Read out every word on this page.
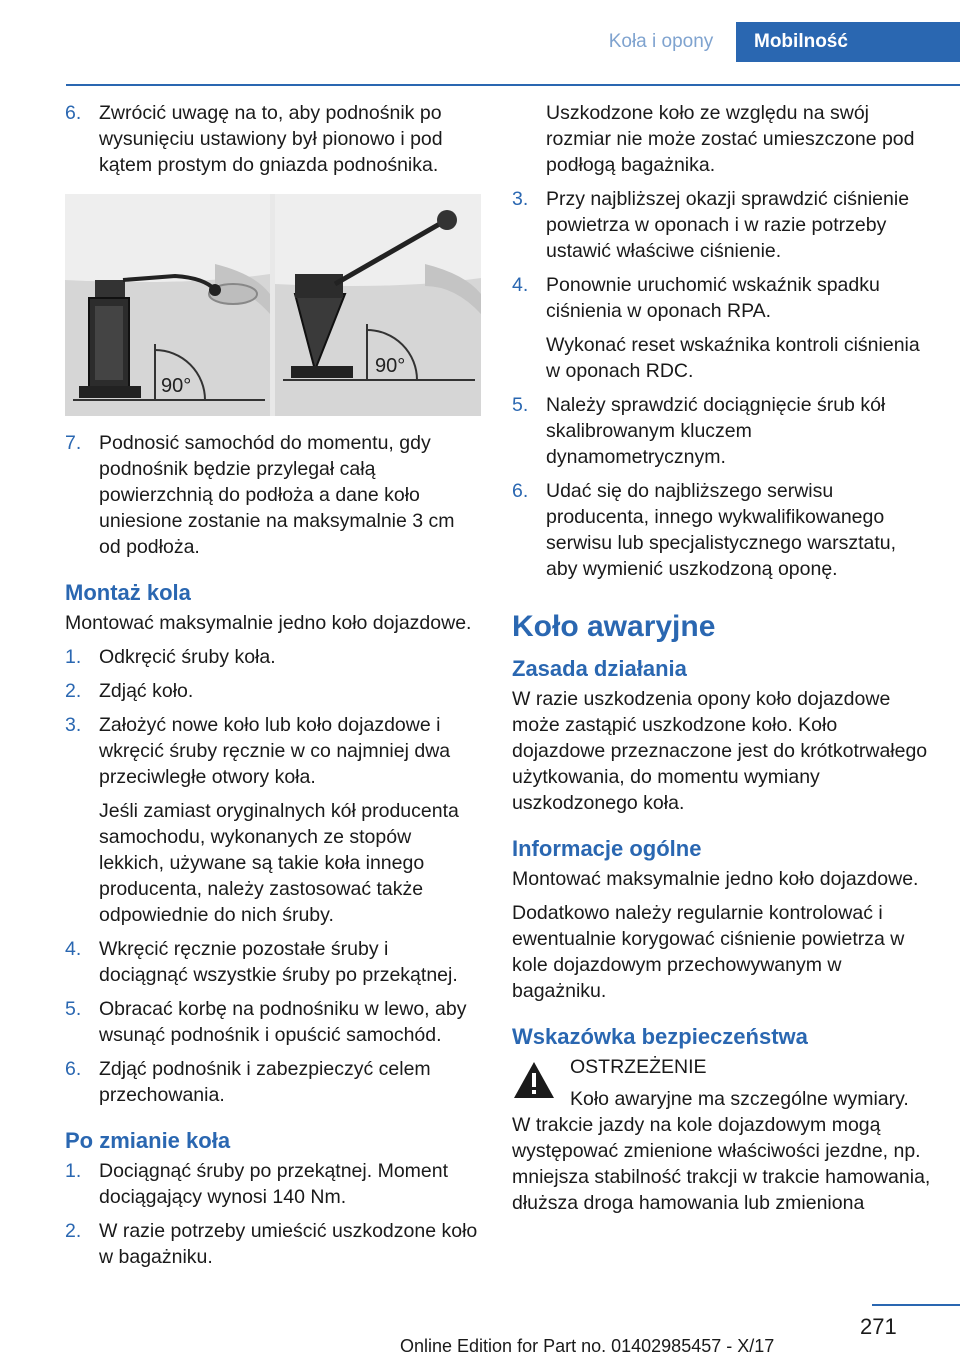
Koła i opony	Mobilność
6. Zwrócić uwagę na to, aby podnośnik po wysunięciu ustawiony był pionowo i pod kątem prostym do gniazda podnośnika.
90°
90°
7. Podnosić samochód do momentu, gdy podnośnik będzie przylegał całą powierzchnią do podłoża a dane koło uniesione zostanie na maksymalnie 3 cm od podłoża.
Montaż kola
Montować maksymalnie jedno koło dojazdowe.
1. Odkręcić śruby koła.
2. Zdjąć koło.
3. Założyć nowe koło lub koło dojazdowe i wkręcić śruby ręcznie w co najmniej dwa przeciwległe otwory koła.
Jeśli zamiast oryginalnych kół producenta samochodu, wykonanych ze stopów lekkich, używane są takie koła innego producenta, należy zastosować także odpowiednie do nich śruby.
4. Wkręcić ręcznie pozostałe śruby i dociągnąć wszystkie śruby po przekątnej.
5. Obracać korbę na podnośniku w lewo, aby wsunąć podnośnik i opuścić samochód.
6. Zdjąć podnośnik i zabezpieczyć celem przechowania.
Po zmianie koła
1. Dociągnąć śruby po przekątnej. Moment dociągający wynosi 140 Nm.
2. W razie potrzeby umieścić uszkodzone koło w bagażniku.
Uszkodzone koło ze względu na swój rozmiar nie może zostać umieszczone pod podłogą bagażnika.
3. Przy najbliższej okazji sprawdzić ciśnienie powietrza w oponach i w razie potrzeby ustawić właściwe ciśnienie.
4. Ponownie uruchomić wskaźnik spadku ciśnienia w oponach RPA.
Wykonać reset wskaźnika kontroli ciśnienia w oponach RDC.
5. Należy sprawdzić dociągnięcie śrub kół skalibrowanym kluczem dynamometrycznym.
6. Udać się do najbliższego serwisu producenta, innego wykwalifikowanego serwisu lub specjalistycznego warsztatu, aby wymienić uszkodzoną oponę.
Koło awaryjne
Zasada działania
W razie uszkodzenia opony koło dojazdowe może zastąpić uszkodzone koło. Koło dojazdowe przeznaczone jest do krótkotrwałego użytkowania, do momentu wymiany uszkodzonego koła.
Informacje ogólne
Montować maksymalnie jedno koło dojazdowe.
Dodatkowo należy regularnie kontrolować i ewentualnie korygować ciśnienie powietrza w kole dojazdowym przechowywanym w bagażniku.
Wskazówka bezpieczeństwa
OSTRZEŻENIE
Koło awaryjne ma szczególne wymiary.
W trakcie jazdy na kole dojazdowym mogą występować zmienione właściwości jezdne, np. mniejsza stabilność trakcji w trakcie hamowania, dłuższa droga hamowania lub zmieniona
271
Online Edition for Part no. 01402985457 - X/17
